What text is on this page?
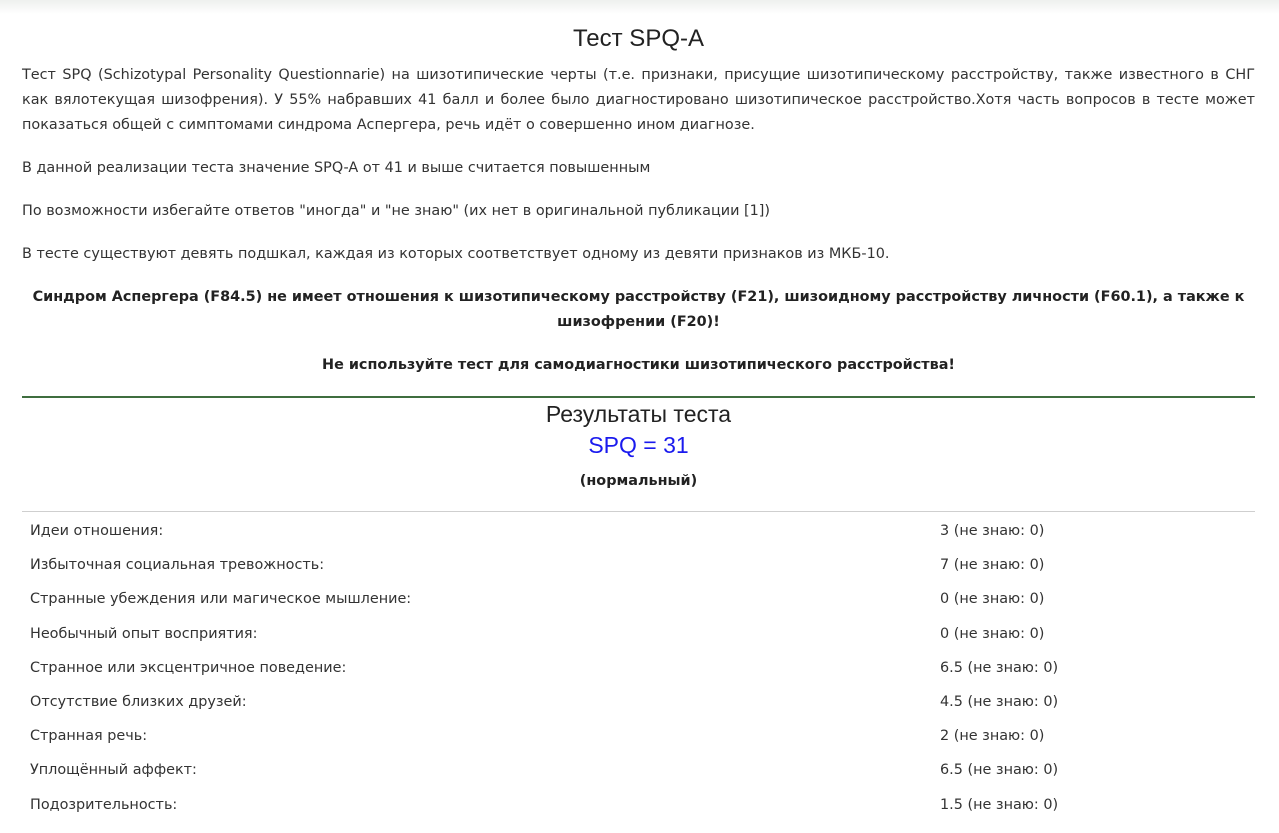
Тест SPQ-A

Тест SPQ (Schizotypal Personality Questionnarie) на шизотипические черты (т.е. признаки, присущие шизотипическому расстройству, также известного в СНГ как вялотекущая шизофрения). У 55% набравших 41 балл и более было диагностировано шизотипическое расстройство.Хотя часть вопросов в тесте может показаться общей с симптомами синдрома Аспергера, речь идёт о совершенно ином диагнозе.

В данной реализации теста значение SPQ-A от 41 и выше считается повышенным

По возможности избегайте ответов "иногда" и "не знаю" (их нет в оригинальной публикации [1])

В тесте существуют девять подшкал, каждая из которых соответствует одному из девяти признаков из МКБ-10.

Синдром Аспергера (F84.5) не имеет отношения к шизотипическому расстройству (F21), шизоидному расстройству личности (F60.1), а также к шизофрении (F20)!

Не используйте тест для самодиагностики шизотипического расстройства!

Результаты теста
SPQ = 31
(нормальный)
Идеи отношения:	3 (не знаю: 0)
Избыточная социальная тревожность:	7 (не знаю: 0)
Странные убеждения или магическое мышление:	0 (не знаю: 0)
Необычный опыт восприятия:	0 (не знаю: 0)
Странное или эксцентричное поведение:	6.5 (не знаю: 0)
Отсутствие близких друзей:	4.5 (не знаю: 0)
Странная речь:	2 (не знаю: 0)
Уплощённый аффект:	6.5 (не знаю: 0)
Подозрительность:	1.5 (не знаю: 0)
